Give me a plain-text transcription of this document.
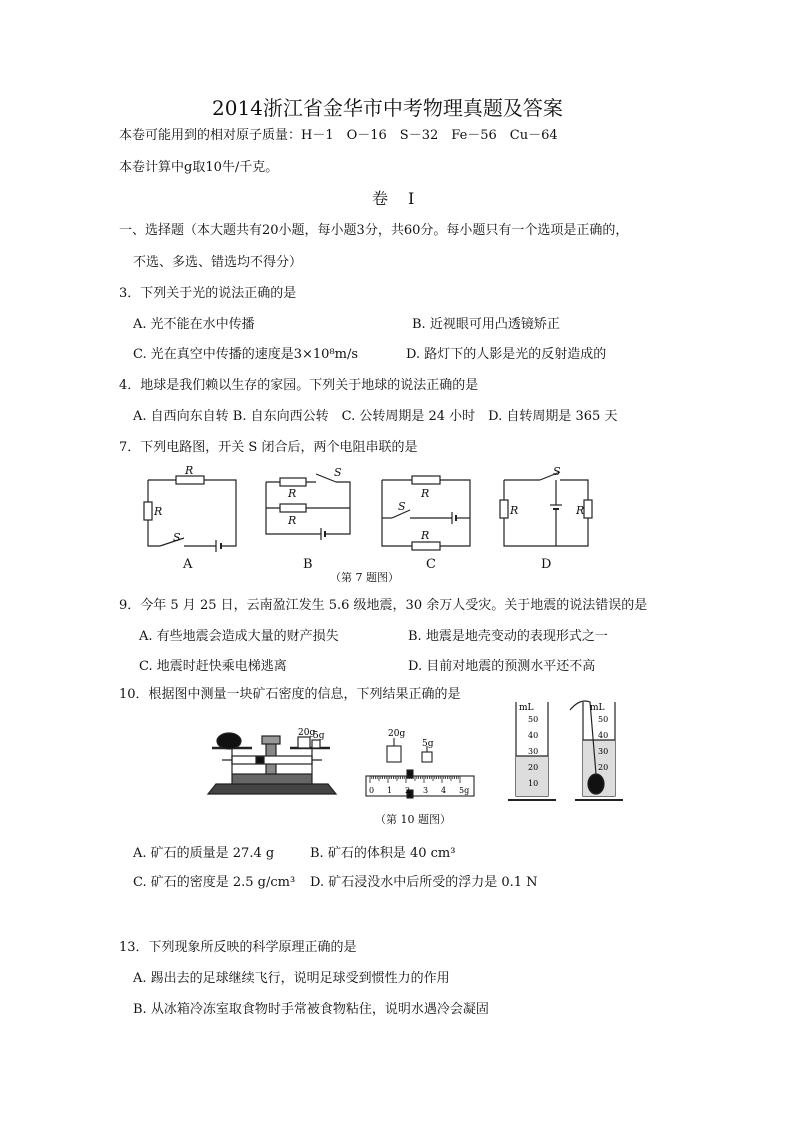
2014浙江省金华市中考物理真题及答案
本卷可能用到的相对原子质量：H－1　O－16　S－32　Fe－56　Cu－64
本卷计算中g取10牛/千克。
卷　Ⅰ
一、选择题（本大题共有20小题，每小题3分，共60分。每小题只有一个选项是正确的，
不选、多选、错选均不得分）
3．下列关于光的说法正确的是
A. 光不能在水中传播	B. 近视眼可用凸透镜矫正
C. 光在真空中传播的速度是3×10⁸m/s	D. 路灯下的人影是光的反射造成的
4．地球是我们赖以生存的家园。下列关于地球的说法正确的是
A. 自西向东自转 B. 自东向西公转　C. 公转周期是 24 小时　D. 自转周期是 365 天
7．下列电路图，开关 S 闭合后，两个电阻串联的是
R
R
S
R
R
S
R
R
S	R	R
S
A	B	C	D
（第 7 题图）
9．今年 5 月 25 日，云南盈江发生 5.6 级地震，30 余万人受灾。关于地震的说法错误的是
A. 有些地震会造成大量的财产损失	B. 地震是地壳变动的表现形式之一
C. 地震时赶快乘电梯逃离	D. 目前对地震的预测水平还不高
10．根据图中测量一块矿石密度的信息，下列结果正确的是
20g
5g	20g
5g
0 1 2 3 4 5g
mL
50
40
30
20
10
mL
50
40
30
20
（第 10 题图）
A. 矿石的质量是 27.4 g	B. 矿石的体积是 40 cm³
C. 矿石的密度是 2.5 g/cm³ D. 矿石浸没水中后所受的浮力是 0.1 N
13．下列现象所反映的科学原理正确的是
A. 踢出去的足球继续飞行，说明足球受到惯性力的作用
B. 从冰箱冷冻室取食物时手常被食物粘住，说明水遇冷会凝固
